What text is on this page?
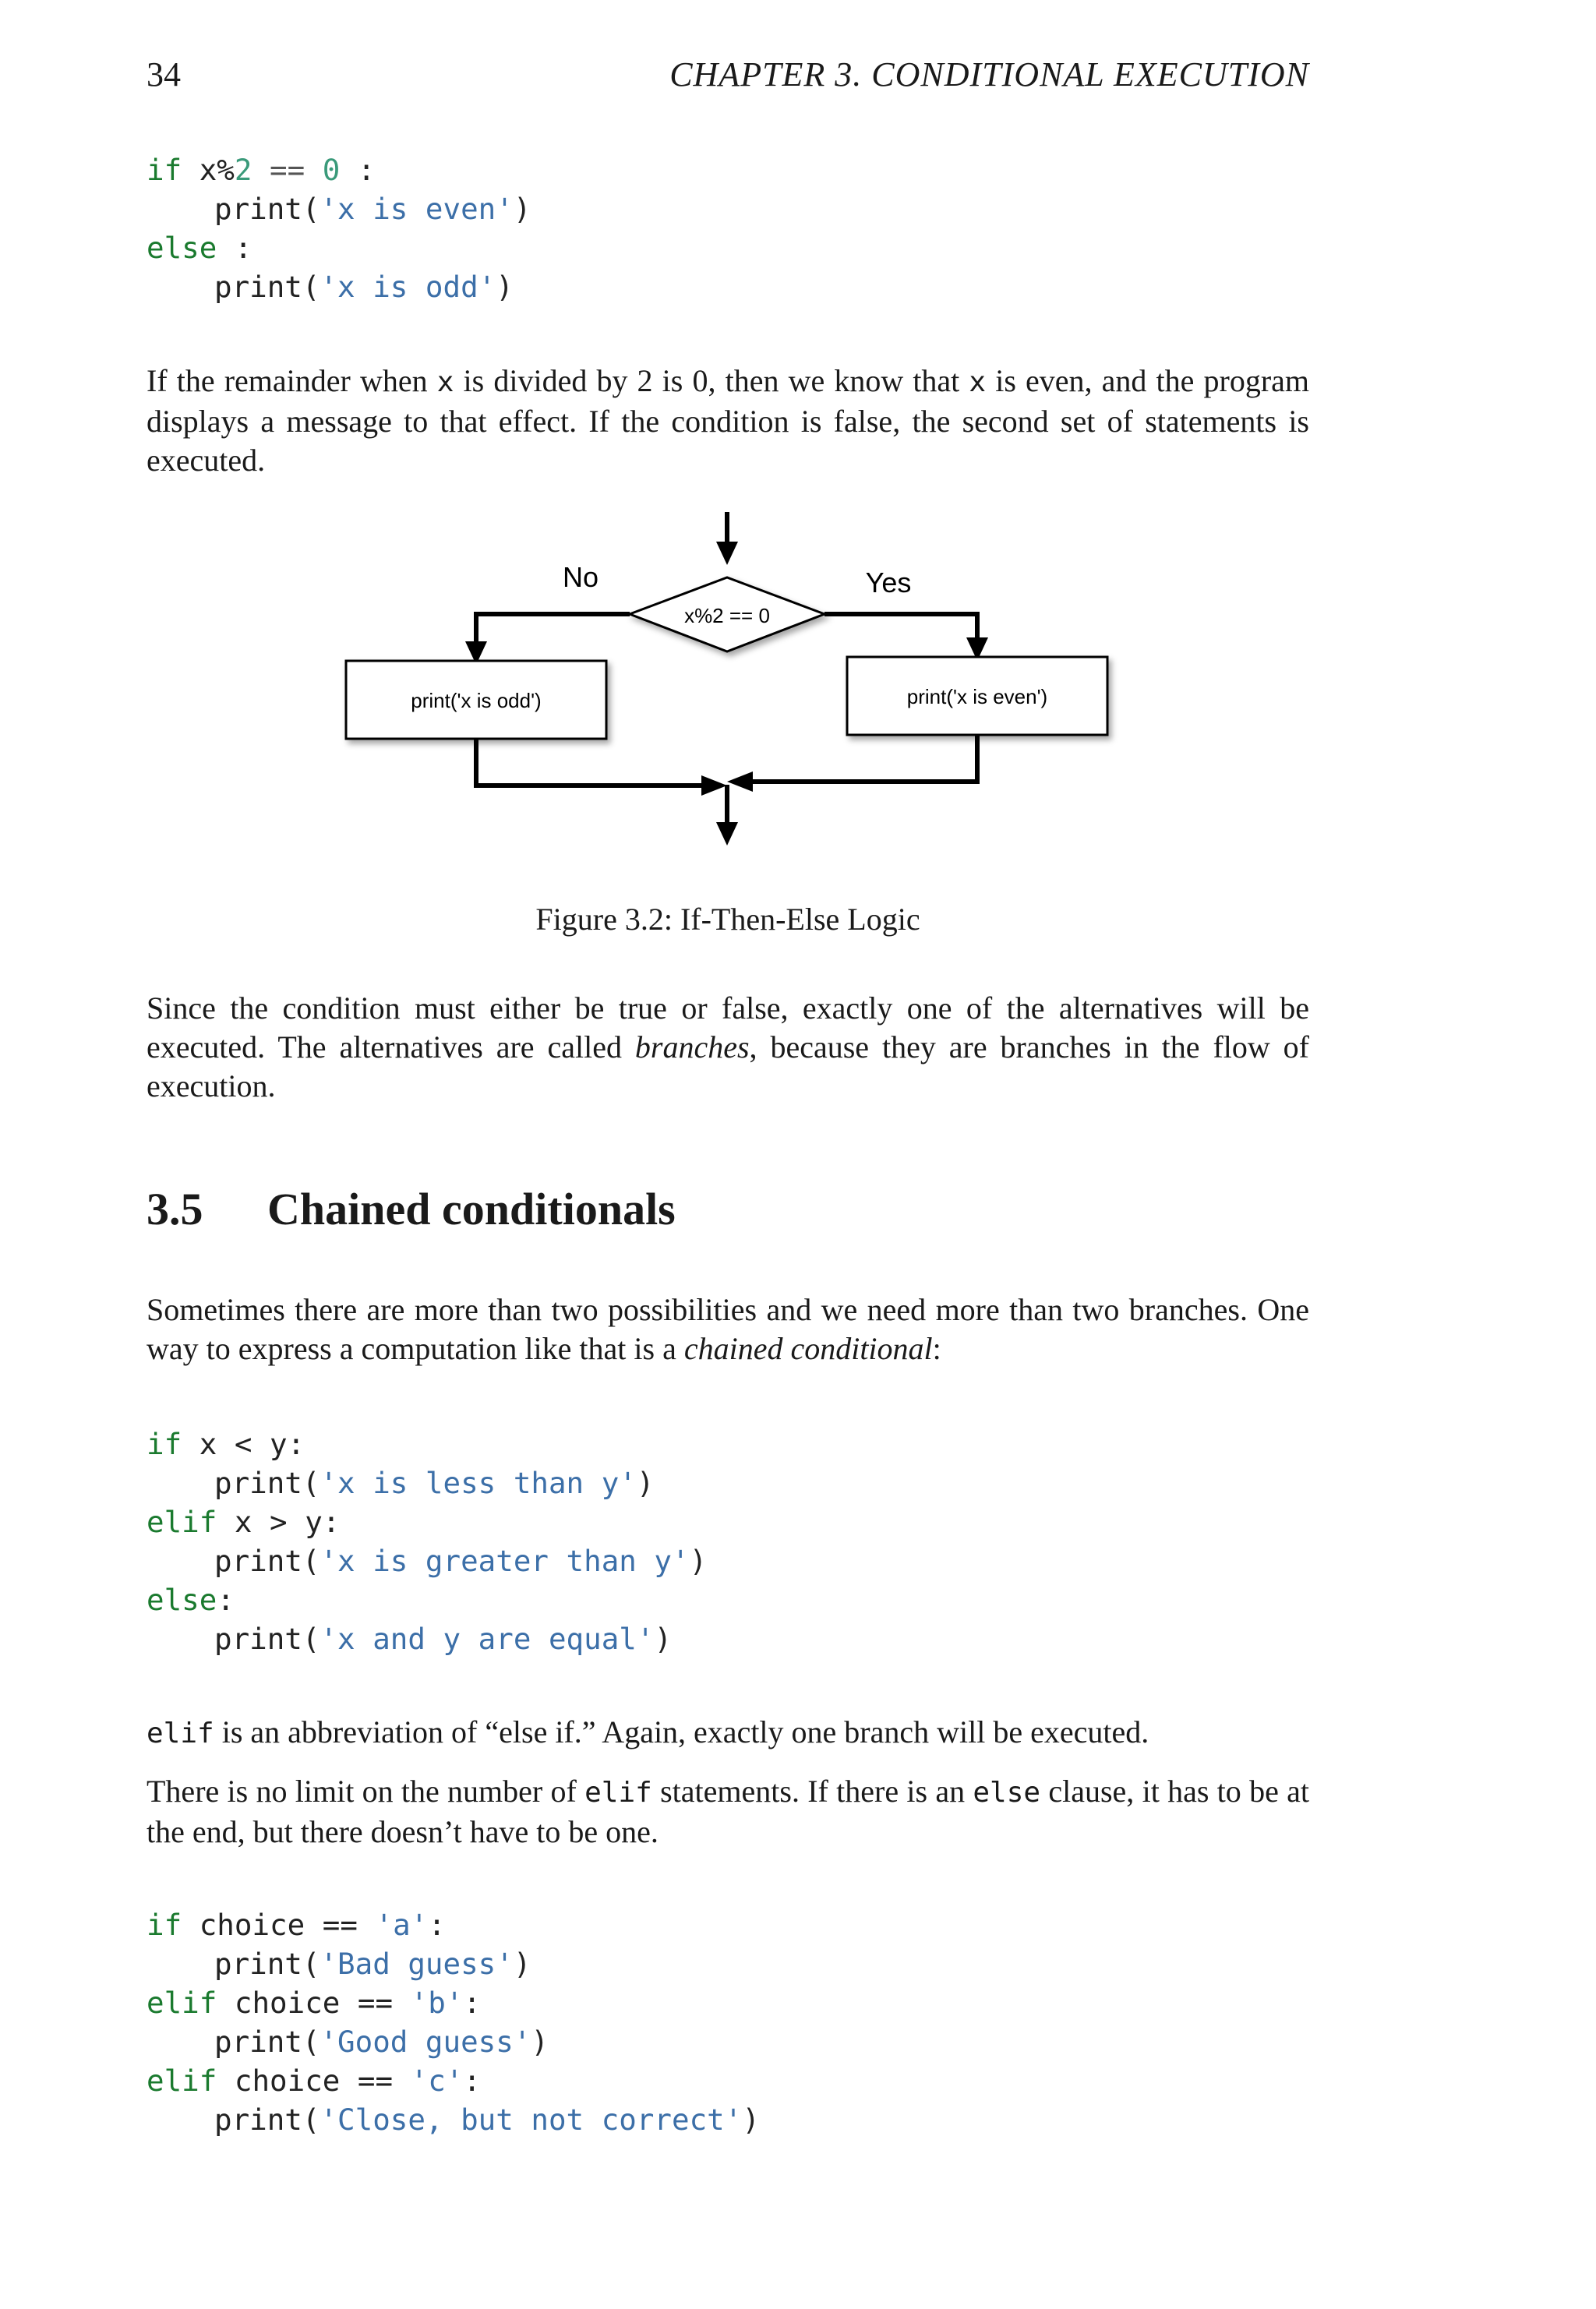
34	CHAPTER 3. CONDITIONAL EXECUTION
if x%2 == 0 :
print('x is even')
else :
print('x is odd')

If the remainder when x is divided by 2 is 0, then we know that x is even, and the program displays a message to that effect. If the condition is false, the second set of statements is executed.

x%2 == 0
No	Yes
print('x is odd')	print('x is even')
Figure 3.2: If-Then-Else Logic

Since the condition must either be true or false, exactly one of the alternatives will be executed. The alternatives are called branches, because they are branches in the flow of execution.

3.5 Chained conditionals

Sometimes there are more than two possibilities and we need more than two branches. One way to express a computation like that is a chained conditional:

if x < y:
print('x is less than y')
elif x > y:
print('x is greater than y')
else:
print('x and y are equal')

elif is an abbreviation of “else if.” Again, exactly one branch will be executed.

There is no limit on the number of elif statements. If there is an else clause, it has to be at the end, but there doesn’t have to be one.

if choice == 'a':
print('Bad guess')
elif choice == 'b':
print('Good guess')
elif choice == 'c':
print('Close, but not correct')
